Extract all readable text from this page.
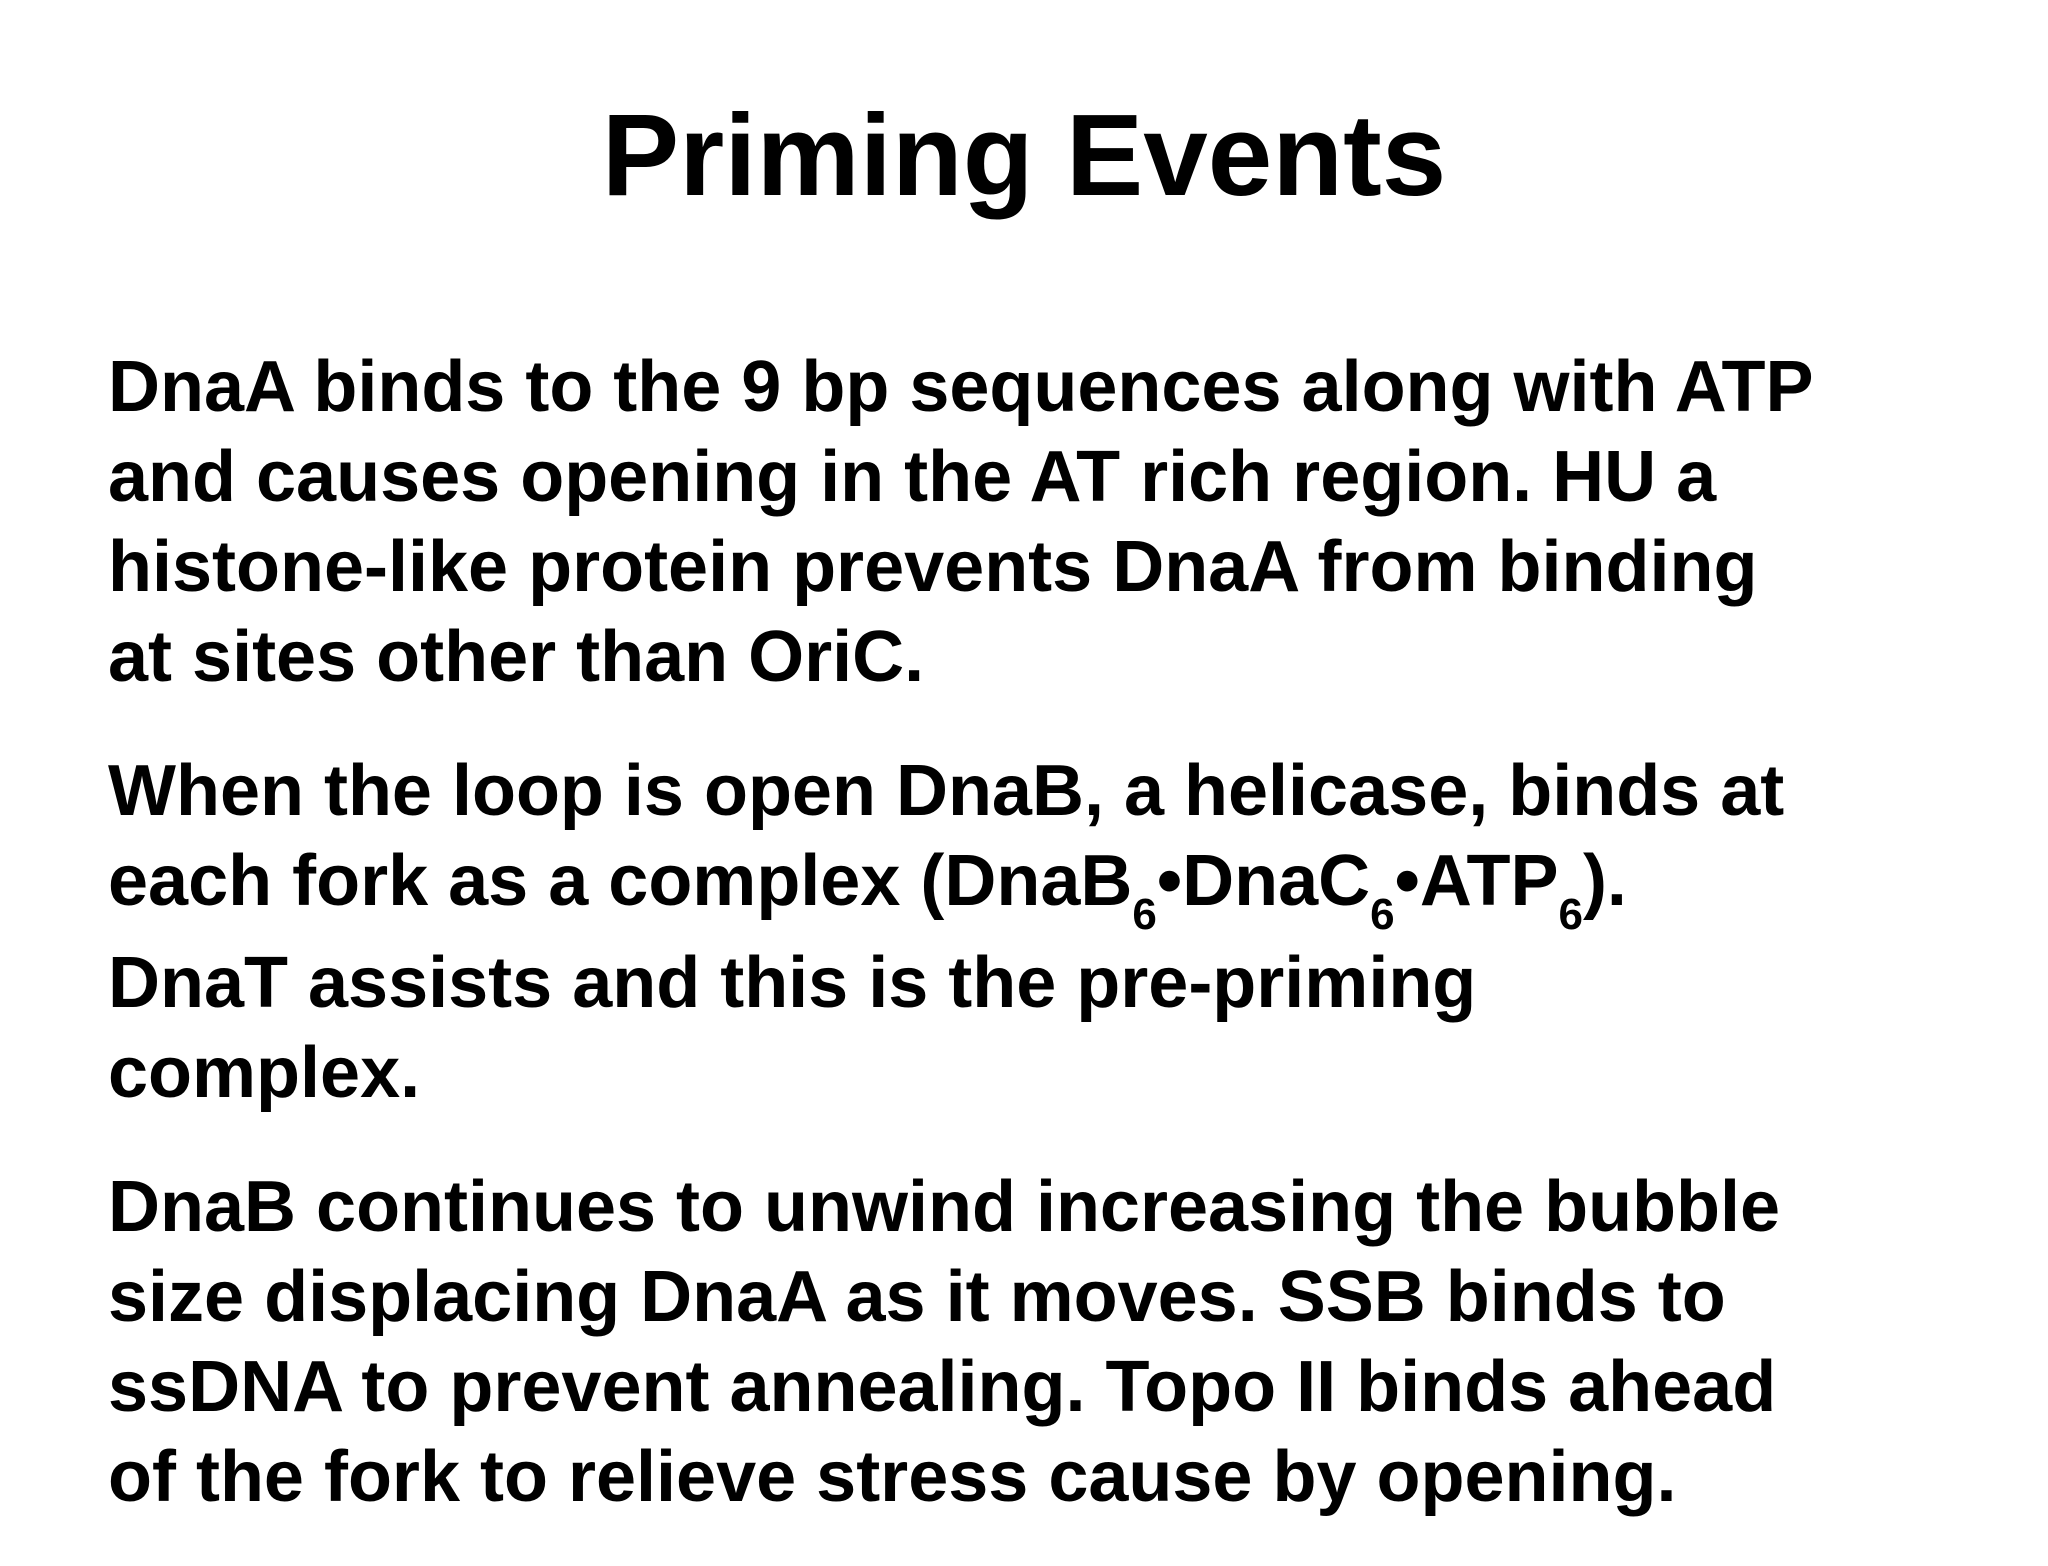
Priming Events

DnaA binds to the 9 bp sequences along with ATP
and causes opening in the AT rich region. HU a
histone-like protein prevents DnaA from binding
at sites other than OriC.

When the loop is open DnaB, a helicase, binds at
each fork as a complex $(DnaB_6•DnaC_6•ATP_6)$.
DnaT assists and this is the pre-priming
complex.

DnaB continues to unwind increasing the bubble
size displacing DnaA as it moves. SSB binds to
ssDNA to prevent annealing. Topo II binds ahead
of the fork to relieve stress cause by opening.
